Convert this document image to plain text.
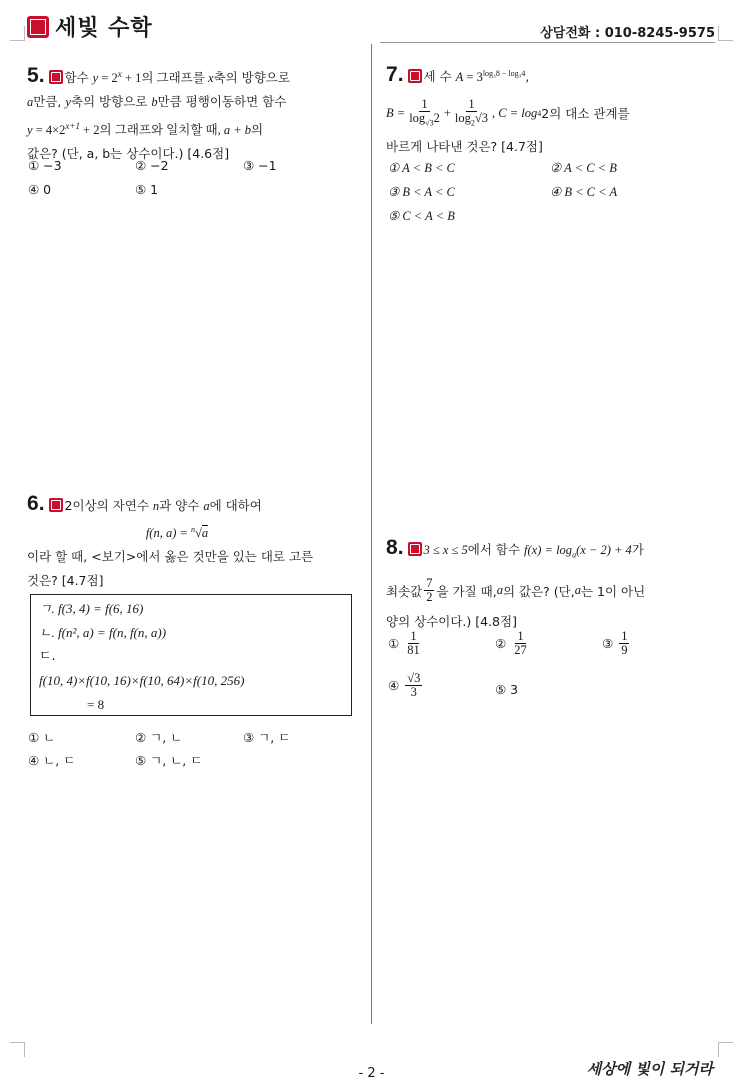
세빛 수학	상담전화 : 010-8245-9575
5. 함수 $y = 2^x + 1$의 그래프를 x축의 방향으로
a만큼, y축의 방향으로 b만큼 평행이동하면 함수
$y = 4\times 2^{x+1} + 2$의 그래프와 일치할 때, a + b의
값은? (단, a, b는 상수이다.) [4.6점]
① −3	② −2	③ −1
④ 0	⑤ 1
6. 2이상의 자연수 n과 양수 a에 대하여
f(n, a) = $^n$√a
이라 할 때, <보기>에서 옳은 것만을 있는 대로 고른
것은? [4.7점]
ㄱ. f(3, 4) = f(6, 16)
ㄴ. f(n², a) = f(n, f(n, a))
ㄷ.
f(10, 4)×f(10, 16)×f(10, 64)×f(10, 256)
= 8
① ㄴ	② ㄱ, ㄴ	③ ㄱ, ㄷ
④ ㄴ, ㄷ	⑤ ㄱ, ㄴ, ㄷ
7. 세 수 $A = 3^{log_38 - log_34}$,
$B = \frac{1}{\log_{√3}2} + \frac{1}{\log_2√3}$ , C = log 4 2의 대소 관계를
바르게 나타낸 것은? [4.7점]
① A < B < C	② A < C < B
③ B < A < C	④ B < C < A
⑤ C < A < B
8. 3 ≤ x ≤ 5에서 함수 $f(x) = \log_a(x - 2) + 4$가
최솟값 $\frac{7}{2}$ 을 가질 때, a 의 값은? (단, a 는 1이 아닌
양의 상수이다.) [4.8점]
① $\frac{1}{81}$	② $\frac{1}{27}$	③ $\frac{1}{9}$
④ $\frac{√3}{3}$	⑤ 3
- 2 -	세상에 빛이 되거라
